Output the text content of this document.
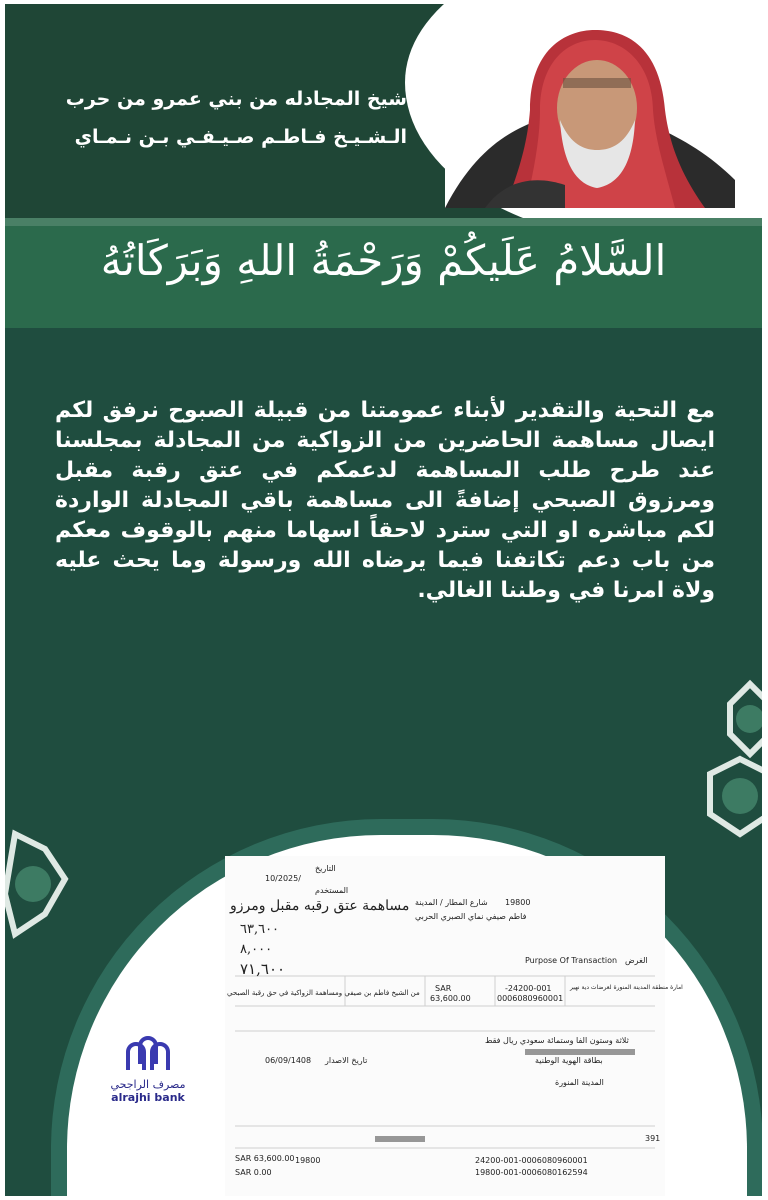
شيخ المجادله من بني عمرو من حرب
الـشـيـخ فـاطـم صـيـفـي بـن نـمـاي
السَّلامُ عَلَيكُمْ وَرَحْمَةُ اللهِ وَبَرَكَاتُهُ
مع التحية والتقدير لأبناء عمومتنا من قبيلة الصبوح نرفق لكم ايصال مساهمة الحاضرين من الزواكية من المجادلة بمجلسنا عند طرح طلب المساهمة لدعمكم في عتق رقبة مقبل ومرزوق الصبحي إضافةً الى مساهمة باقي المجادلة الواردة لكم مباشره او التي سترد لاحقاً اسهاما منهم بالوقوف معكم من باب دعم تكاتفنا فيما يرضاه الله ورسولة وما يحث عليه ولاة امرنا في وطننا الغالي.
/10/2025
التاريخ
المستخدم
19800
شارع المطار / المدينة
فاطم صيفي نماي الصبري الحربي
Purpose Of Transaction الغرض
مساهمة عتق رقبه مقبل ومرزو
٦٣,٦٠٠
٨,٠٠٠
٧١,٦٠٠
24200-001-
0006080960001
SAR
63,600.00
من الشيخ فاطم بن صيفي ومساهمة الزواكية في حق رقبة الصبحي
امارة منطقة المدينة المنورة لعرضات دية نهير
ثلاثة وستون الفا وستمائة سعودي ريال فقط
بطاقة الهوية الوطنية
المدينة المنورة
06/09/1408 تاريخ الاصدار
19800
391
SAR 63,600.00
SAR 0.00
24200-001-0006080960001
19800-001-0006080162594
مصرف الراجحي
alrajhi bank
